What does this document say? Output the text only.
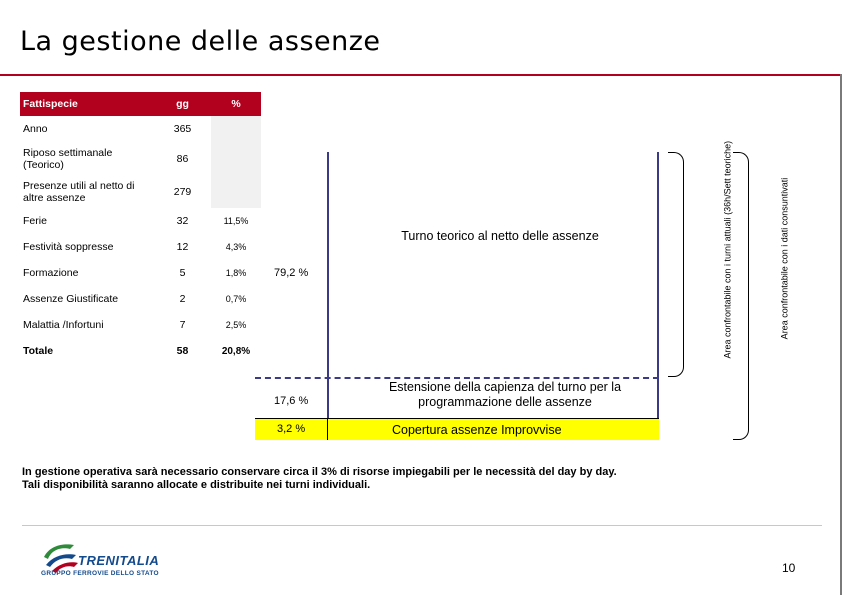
La gestione delle assenze
Fattispecie	gg	%
Anno	365	
Riposo settimanale (Teorico)	86	
Presenze utili al netto di altre assenze	279	
Ferie	32	11,5%
Festività soppresse	12	4,3%
Formazione	5	1,8%
Assenze Giustificate	2	0,7%
Malattia /Infortuni	7	2,5%
Totale	58	20,8%
Turno teorico al netto delle assenze
79,2 %
Estensione della capienza del turno per la programmazione delle assenze
17,6 %
Copertura assenze Improvvise
3,2 %
Area confrontabile con i turni attuali (36h/Sett teoriche)	Area confrontabile con i dati consuntivati
In gestione operativa sarà necessario conservare circa il 3% di risorse impiegabili per le necessità del day by day.
Tali disponibilità saranno allocate e distribuite nei turni individuali.
TRENITALIA
GRUPPO FERROVIE DELLO STATO	10
